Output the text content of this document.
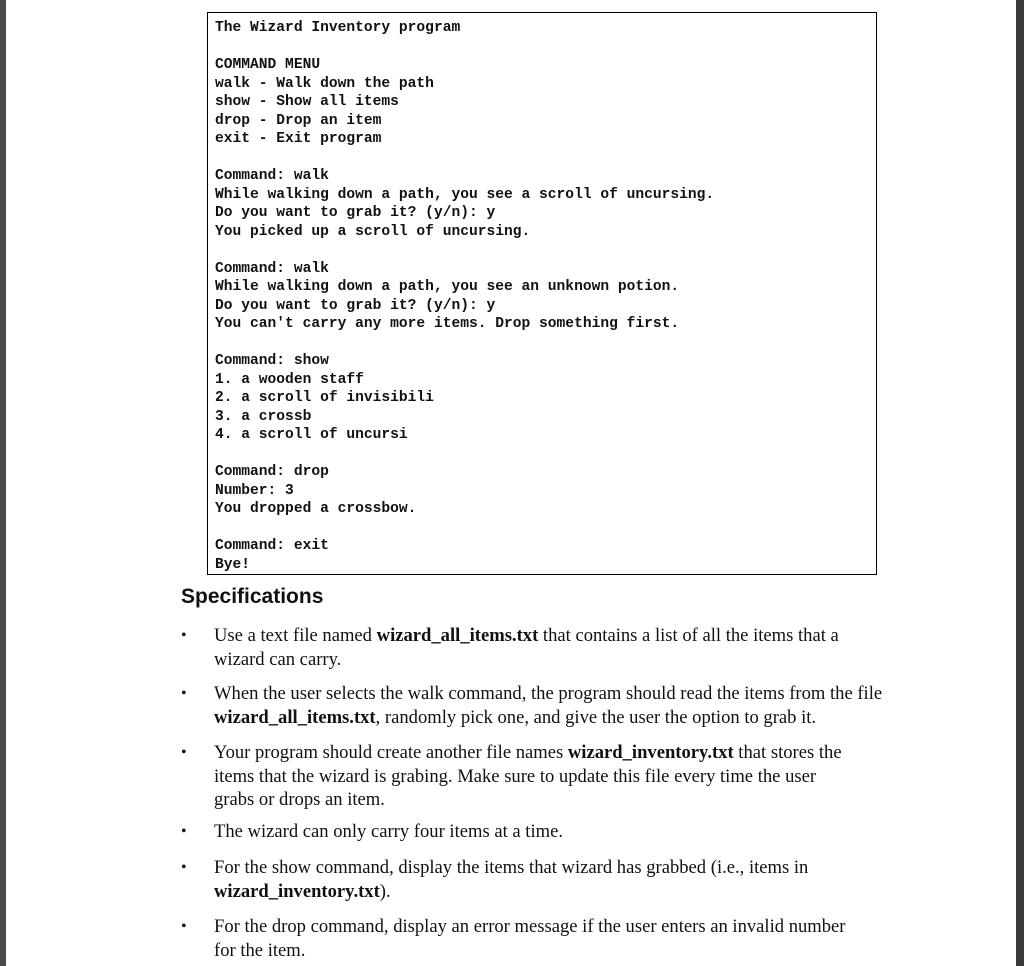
The Wizard Inventory program
COMMAND MENU
walk - Walk down the path
show - Show all items
drop - Drop an item
exit - Exit program
Command: walk
While walking down a path, you see a scroll of uncursing.
Do you want to grab it? (y/n): y
You picked up a scroll of uncursing.
Command: walk
While walking down a path, you see an unknown potion.
Do you want to grab it? (y/n): y
You can't carry any more items. Drop something first.
Command: show
1. a wooden staff
2. a scroll of invisibili
3. a crossb
4. a scroll of uncursi
Command: drop
Number: 3
You dropped a crossbow.
Command: exit
Bye!
Specifications
•	Use a text file named wizard_all_items.txt that contains a list of all the items that a
wizard can carry.
•	When the user selects the walk command, the program should read the items from the file
wizard_all_items.txt, randomly pick one, and give the user the option to grab it.
•	Your program should create another file names wizard_inventory.txt that stores the
items that the wizard is grabing. Make sure to update this file every time the user
grabs or drops an item.
•	The wizard can only carry four items at a time.
•	For the show command, display the items that wizard has grabbed (i.e., items in
wizard_inventory.txt).
•	For the drop command, display an error message if the user enters an invalid number
for the item.
